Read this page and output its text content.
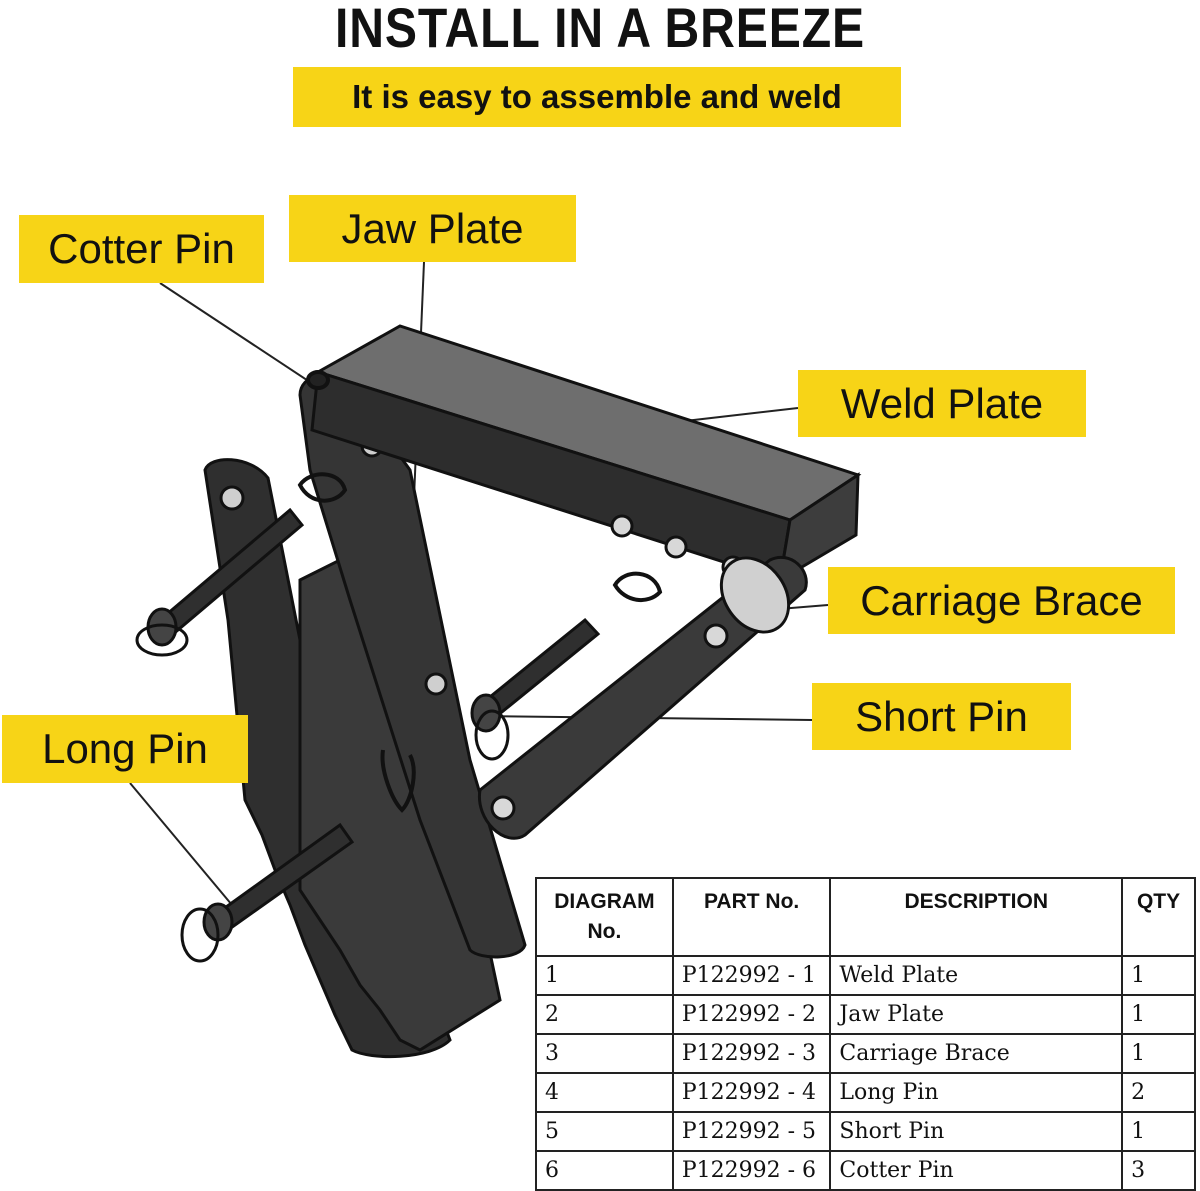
INSTALL IN A BREEZE
It is easy to assemble and weld
Cotter Pin	Jaw Plate
Weld Plate
Carriage Brace
Short Pin
Long Pin
DIAGRAM No.	PART No.	DESCRIPTION	QTY
1	P122992 - 1	Weld Plate	1
2	P122992 - 2	Jaw Plate	1
3	P122992 - 3	Carriage Brace	1
4	P122992 - 4	Long Pin	2
5	P122992 - 5	Short Pin	1
6	P122992 - 6	Cotter Pin	3
